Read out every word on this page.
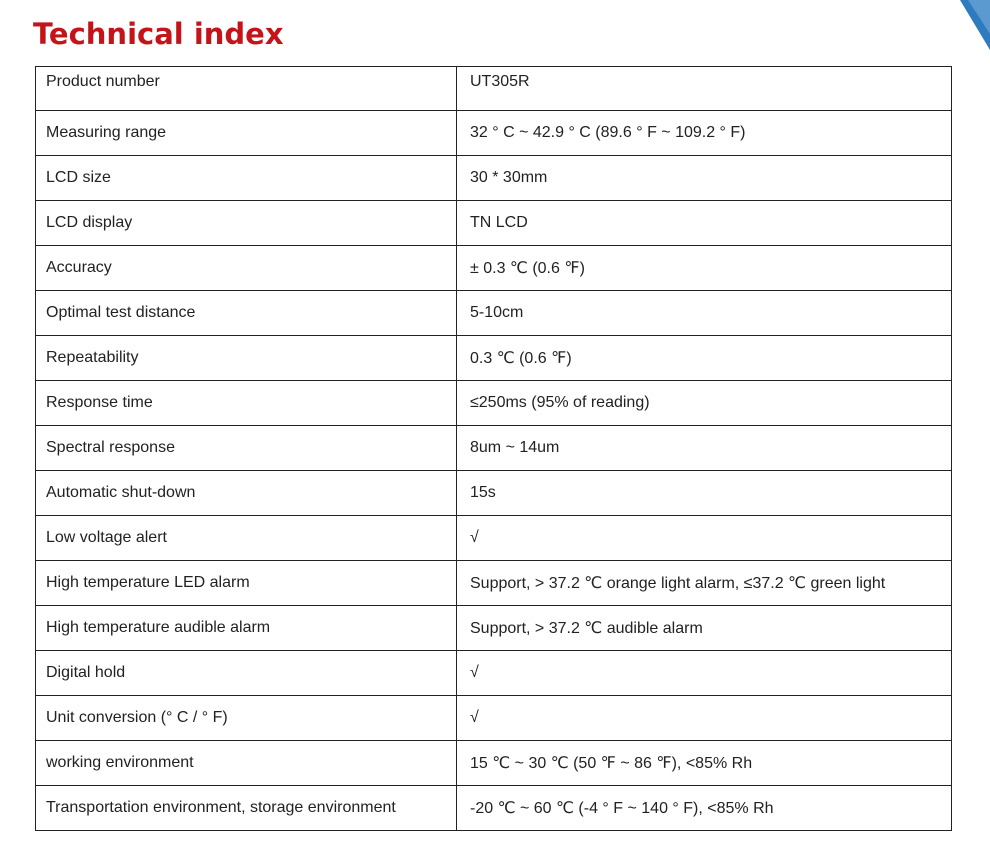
Technical index
Product number	UT305R
Measuring range	32 ° C ~ 42.9 ° C (89.6 ° F ~ 109.2 ° F)
LCD size	30 * 30mm
LCD display	TN LCD
Accuracy	± 0.3 ℃ (0.6 ℉)
Optimal test distance	5-10cm
Repeatability	0.3 ℃ (0.6 ℉)
Response time	≤250ms (95% of reading)
Spectral response	8um ~ 14um
Automatic shut-down	15s
Low voltage alert	√
High temperature LED alarm	Support, > 37.2 ℃ orange light alarm, ≤37.2 ℃ green light
High temperature audible alarm	Support, > 37.2 ℃ audible alarm
Digital hold	√
Unit conversion (° C / ° F)	√
working environment	15 ℃ ~ 30 ℃ (50 ℉ ~ 86 ℉), <85% Rh
Transportation environment, storage environment	-20 ℃ ~ 60 ℃ (-4 ° F ~ 140 ° F), <85% Rh
